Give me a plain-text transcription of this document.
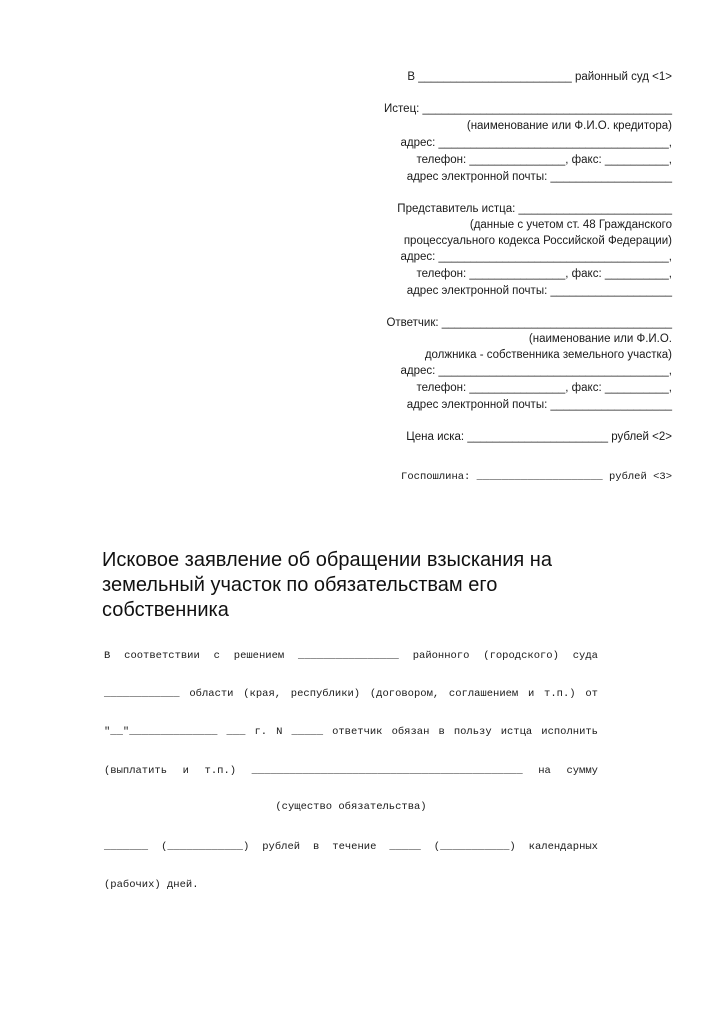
В ________________________ районный суд <1>
Истец: _______________________________________
(наименование или Ф.И.О. кредитора)
адрес: ____________________________________,
телефон: _______________, факс: __________,
адрес электронной почты: ___________________
Представитель истца: ________________________
(данные с учетом ст. 48 Гражданского
процессуального кодекса Российской Федерации)
адрес: ____________________________________,
телефон: _______________, факс: __________,
адрес электронной почты: ___________________
Ответчик: ____________________________________
(наименование или Ф.И.О.
должника - собственника земельного участка)
адрес: ____________________________________,
телефон: _______________, факс: __________,
адрес электронной почты: ___________________
Цена иска: ______________________ рублей <2>
Госпошлина: ____________________ рублей <3>
Исковое заявление об обращении взыскания на земельный участок по обязательствам его собственника
В соответствии с решением ________________ районного (городского) суда
____________ области (края, республики) (договором, соглашением и т.п.) от
"__"______________ ___ г. N _____ ответчик обязан в пользу истца исполнить
(выплатить и т.п.) ___________________________________________ на сумму
(существо обязательства)
_______ (____________) рублей в течение _____ (___________) календарных
(рабочих) дней.
